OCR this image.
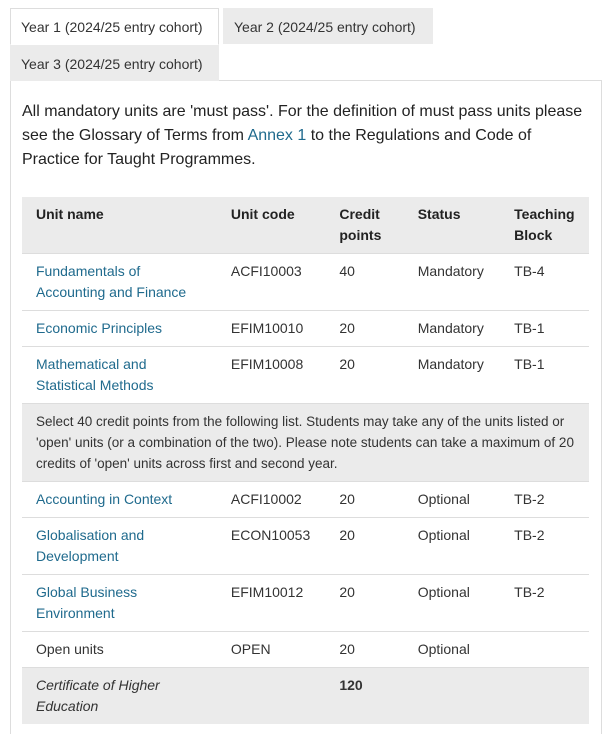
Year 1 (2024/25 entry cohort)	Year 2 (2024/25 entry cohort)
Year 3 (2024/25 entry cohort)
All mandatory units are 'must pass'. For the definition of must pass units please see the Glossary of Terms from Annex 1 to the Regulations and Code of Practice for Taught Programmes.
Unit name	Unit code	Credit points	Status	Teaching Block
Fundamentals of Accounting and Finance	ACFI10003	40	Mandatory	TB-4
Economic Principles	EFIM10010	20	Mandatory	TB-1
Mathematical and Statistical Methods	EFIM10008	20	Mandatory	TB-1
Select 40 credit points from the following list. Students may take any of the units listed or 'open' units (or a combination of the two). Please note students can take a maximum of 20 credits of 'open' units across first and second year.				
Accounting in Context	ACFI10002	20	Optional	TB-2
Globalisation and Development	ECON10053	20	Optional	TB-2
Global Business Environment	EFIM10012	20	Optional	TB-2
Open units	OPEN	20	Optional	
Certificate of Higher Education		120		
